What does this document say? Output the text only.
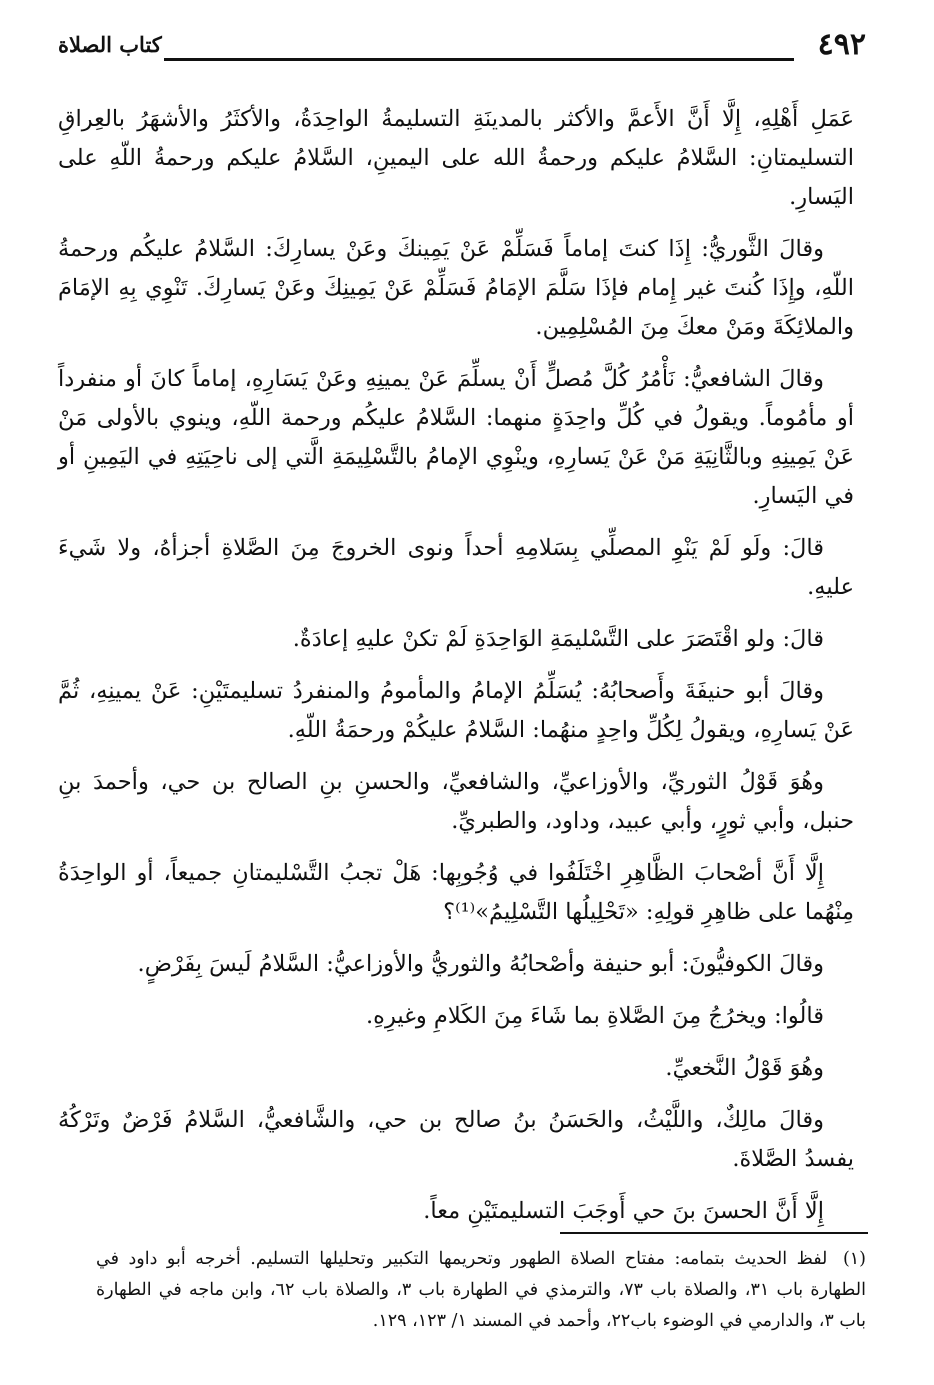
٤٩٢
كتاب الصلاة

عَمَلِ أَهْلِهِ، إِلَّا أَنَّ الأَعمَّ والأكثر بالمدينَةِ التسليمةُ الواحِدَةُ، والأكثَرُ والأشهَرُ بالعِراقِ التسليمتانِ: السَّلامُ عليكم ورحمةُ الله على اليمينِ، السَّلامُ عليكم ورحمةُ اللّهِ على اليَسارِ.

وقالَ الثَّوريُّ: إِذَا كنتَ إماماً فَسَلِّمْ عَنْ يَمِينكَ وعَنْ يسارِكَ: السَّلامُ عليكُم ورحمةُ اللّهِ، وإِذَا كُنتَ غير إِمام فإذَا سَلَّمَ الإمَامُ فَسَلِّمْ عَنْ يَمِينِكَ وعَنْ يَسارِكَ. تَنْوِي بِهِ الإمَامَ والملائِكَةَ ومَنْ معكَ مِنَ المُسْلِمِين.

وقالَ الشافعيُّ: نَأْمُرُ كُلَّ مُصلٍّ أَنْ يسلِّمَ عَنْ يمينِهِ وعَنْ يَسَارِهِ، إماماً كانَ أو منفرداً أو مأمُوماً. ويقولُ في كُلِّ واحِدَةٍ منهما: السَّلامُ عليكُم ورحمة اللّهِ، وينوي بالأولى مَنْ عَنْ يَمِينِهِ وبالثَّانِيَةِ مَنْ عَنْ يَسارِهِ، وينْوِي الإمامُ بالتَّسْلِيمَةِ الَّتي إلى ناحِيَتِهِ في اليَمِينِ أو في اليَسارِ.

قالَ: ولَو لَمْ يَنْوِ المصلِّي بِسَلامِهِ أحداً ونوى الخروجَ مِنَ الصَّلاةِ أجزأهُ، ولا شَيءَ عليهِ.

قالَ: ولو اقْتَصَرَ على التَّسْليمَةِ الوَاحِدَةِ لَمْ تكنْ عليهِ إعادَةٌ.

وقالَ أبو حنيفَةَ وأَصحابُهُ: يُسَلِّمُ الإمامُ والمأمومُ والمنفردُ تسليمتَيْنِ: عَنْ يمينِهِ، ثُمَّ عَنْ يَسارِهِ، ويقولُ لِكُلِّ واحِدٍ منهُما: السَّلامُ عليكُمْ ورحمَةُ اللّهِ.

وهُوَ قَوْلُ الثوريِّ، والأوزاعيِّ، والشافعيِّ، والحسنِ بنِ الصالح بن حي، وأحمدَ بنِ حنبل، وأبي ثورٍ، وأبي عبيد، وداود، والطبريِّ.

إِلَّا أَنَّ أصْحابَ الظَّاهِرِ اخْتَلَفُوا في وُجُوبِها: هَلْ تجبُ التَّسْليمتانِ جميعاً، أو الواحِدَةُ مِنْهُما على ظاهِرِ قولِهِ: «تَحْلِيلُها التَّسْلِيمُ»⁽¹⁾؟

وقالَ الكوفيُّونَ: أبو حنيفة وأصْحابُهُ والثوريُّ والأوزاعيُّ: السَّلامُ لَيسَ بِفَرْضٍ.

قالُوا: ويخرُجُ مِنَ الصَّلاةِ بما شَاءَ مِنَ الكَلامِ وغيرِهِ.

وهُوَ قَوْلُ النَّخعيِّ.

وقالَ مالِكٌ، واللَّيْثُ، والحَسَنُ بنُ صالح بن حي، والشَّافعيُّ، السَّلامُ فَرْضٌ وتَرْكُهُ يفسدُ الصَّلاةَ.

إِلَّا أَنَّ الحسنَ بنَ حي أَوجَبَ التسليمتَيْنِ معاً.

(١) لفظ الحديث بتمامه: مفتاح الصلاة الطهور وتحريمها التكبير وتحليلها التسليم. أخرجه أبو داود في الطهارة باب ٣١، والصلاة باب ٧٣، والترمذي في الطهارة باب ٣، والصلاة باب ٦٢، وابن ماجه في الطهارة باب ٣، والدارمي في الوضوء باب٢٢، وأحمد في المسند ١/ ١٢٣، ١٢٩.
